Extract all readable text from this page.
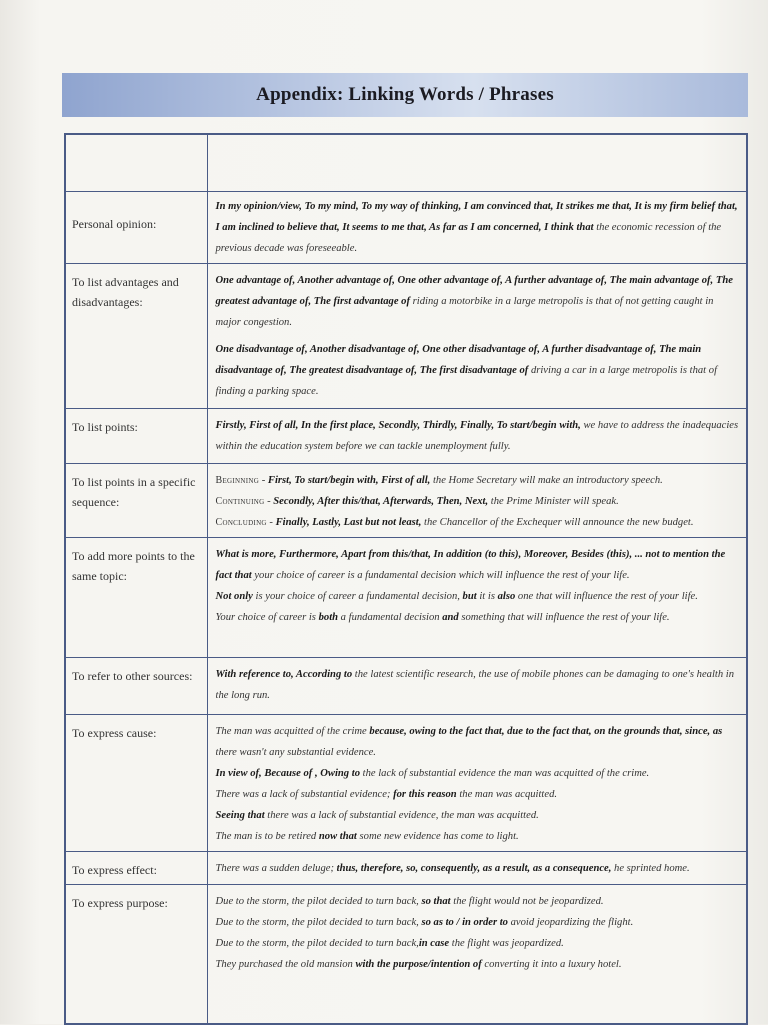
Appendix: Linking Words / Phrases

Personal opinion:	In my opinion/view, To my mind, To my way of thinking, I am convinced that, It strikes me that, It is my firm belief that, I am inclined to believe that, It seems to me that, As far as I am concerned, I think that the economic recession of the previous decade was foreseeable.

To list advantages and disadvantages:	One advantage of, Another advantage of, One other advantage of, A further advantage of, The main advantage of, The greatest advantage of, The first advantage of riding a motorbike in a large metropolis is that of not getting caught in major congestion.

One disadvantage of, Another disadvantage of, One other disadvantage of, A further disadvantage of, The main disadvantage of, The greatest disadvantage of, The first disadvantage of driving a car in a large metropolis is that of finding a parking space.

To list points:	Firstly, First of all, In the first place, Secondly, Thirdly, Finally, To start/begin with, we have to address the inadequacies within the education system before we can tackle unemployment fully.

To list points in a specific sequence:	Beginning - First, To start/begin with, First of all, the Home Secretary will make an introductory speech.

Continuing - Secondly, After this/that, Afterwards, Then, Next, the Prime Minister will speak.

Concluding - Finally, Lastly, Last but not least, the Chancellor of the Exchequer will announce the new budget.

To add more points to the same topic:	What is more, Furthermore, Apart from this/that, In addition (to this), Moreover, Besides (this), ... not to mention the fact that your choice of career is a fundamental decision which will influence the rest of your life.

Not only is your choice of career a fundamental decision, but it is also one that will influence the rest of your life.

Your choice of career is both a fundamental decision and something that will influence the rest of your life.

To refer to other sources:	With reference to, According to the latest scientific research, the use of mobile phones can be damaging to one's health in the long run.

To express cause:	The man was acquitted of the crime because, owing to the fact that, due to the fact that, on the grounds that, since, as there wasn't any substantial evidence.

In view of, Because of , Owing to the lack of substantial evidence the man was acquitted of the crime.

There was a lack of substantial evidence; for this reason the man was acquitted.

Seeing that there was a lack of substantial evidence, the man was acquitted.

The man is to be retired now that some new evidence has come to light.

To express effect:	There was a sudden deluge; thus, therefore, so, consequently, as a result, as a consequence, he sprinted home.

To express purpose:	Due to the storm, the pilot decided to turn back, so that the flight would not be jeopardized.

Due to the storm, the pilot decided to turn back, so as to / in order to avoid jeopardizing the flight.

Due to the storm, the pilot decided to turn back,in case the flight was jeopardized.

They purchased the old mansion with the purpose/intention of converting it into a luxury hotel.
